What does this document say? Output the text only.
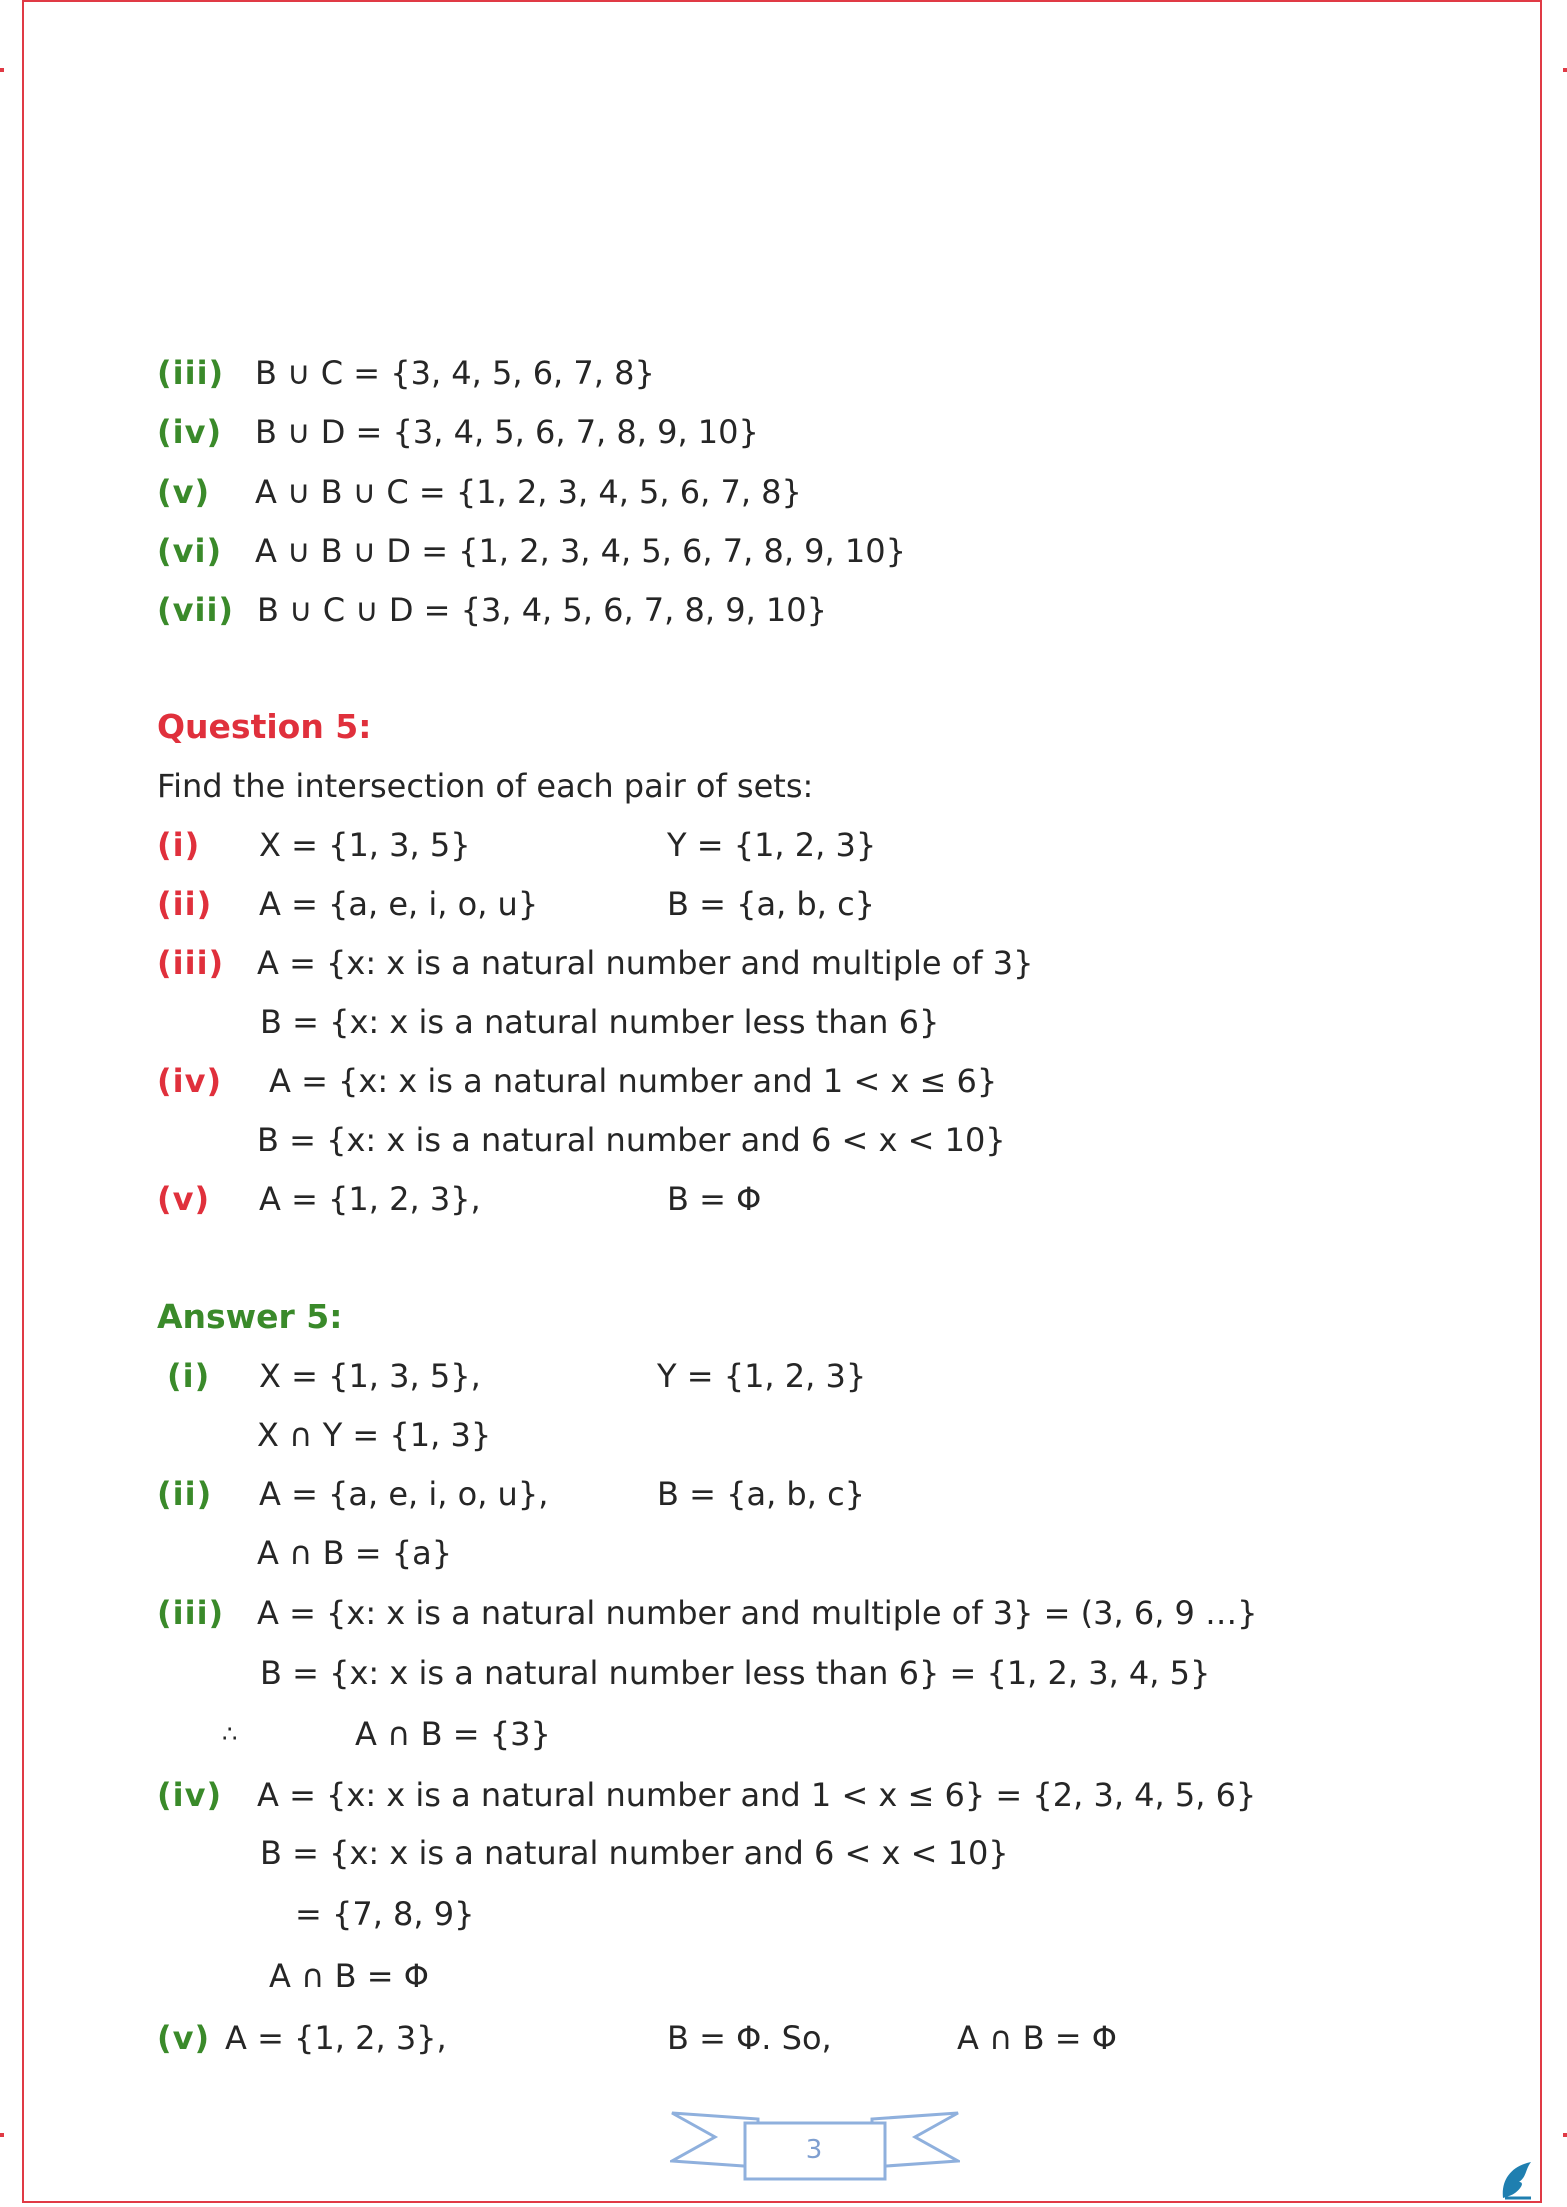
(iii) B ∪ C = {3, 4, 5, 6, 7, 8}
(iv) B ∪ D = {3, 4, 5, 6, 7, 8, 9, 10}
(v) A ∪ B ∪ C = {1, 2, 3, 4, 5, 6, 7, 8}
(vi) A ∪ B ∪ D = {1, 2, 3, 4, 5, 6, 7, 8, 9, 10}
(vii) B ∪ C ∪ D = {3, 4, 5, 6, 7, 8, 9, 10}
Question 5:
Find the intersection of each pair of sets:
(i) X = {1, 3, 5}	Y = {1, 2, 3}
(ii) A = {a, e, i, o, u}	B = {a, b, c}
(iii) A = {x: x is a natural number and multiple of 3}
B = {x: x is a natural number less than 6}
(iv) A = {x: x is a natural number and 1 < x ≤ 6}
B = {x: x is a natural number and 6 < x < 10}
(v) A = {1, 2, 3},	B = Φ
Answer 5:
(i) X = {1, 3, 5},	Y = {1, 2, 3}
X ∩ Y = {1, 3}
(ii) A = {a, e, i, o, u},	B = {a, b, c}
A ∩ B = {a}
(iii) A = {x: x is a natural number and multiple of 3} = (3, 6, 9 …}
B = {x: x is a natural number less than 6} = {1, 2, 3, 4, 5}
∴	A ∩ B = {3}
(iv) A = {x: x is a natural number and 1 < x ≤ 6} = {2, 3, 4, 5, 6}
B = {x: x is a natural number and 6 < x < 10}
= {7, 8, 9}
A ∩ B = Φ
(v) A = {1, 2, 3},	B = Φ. So,	A ∩ B = Φ
3
